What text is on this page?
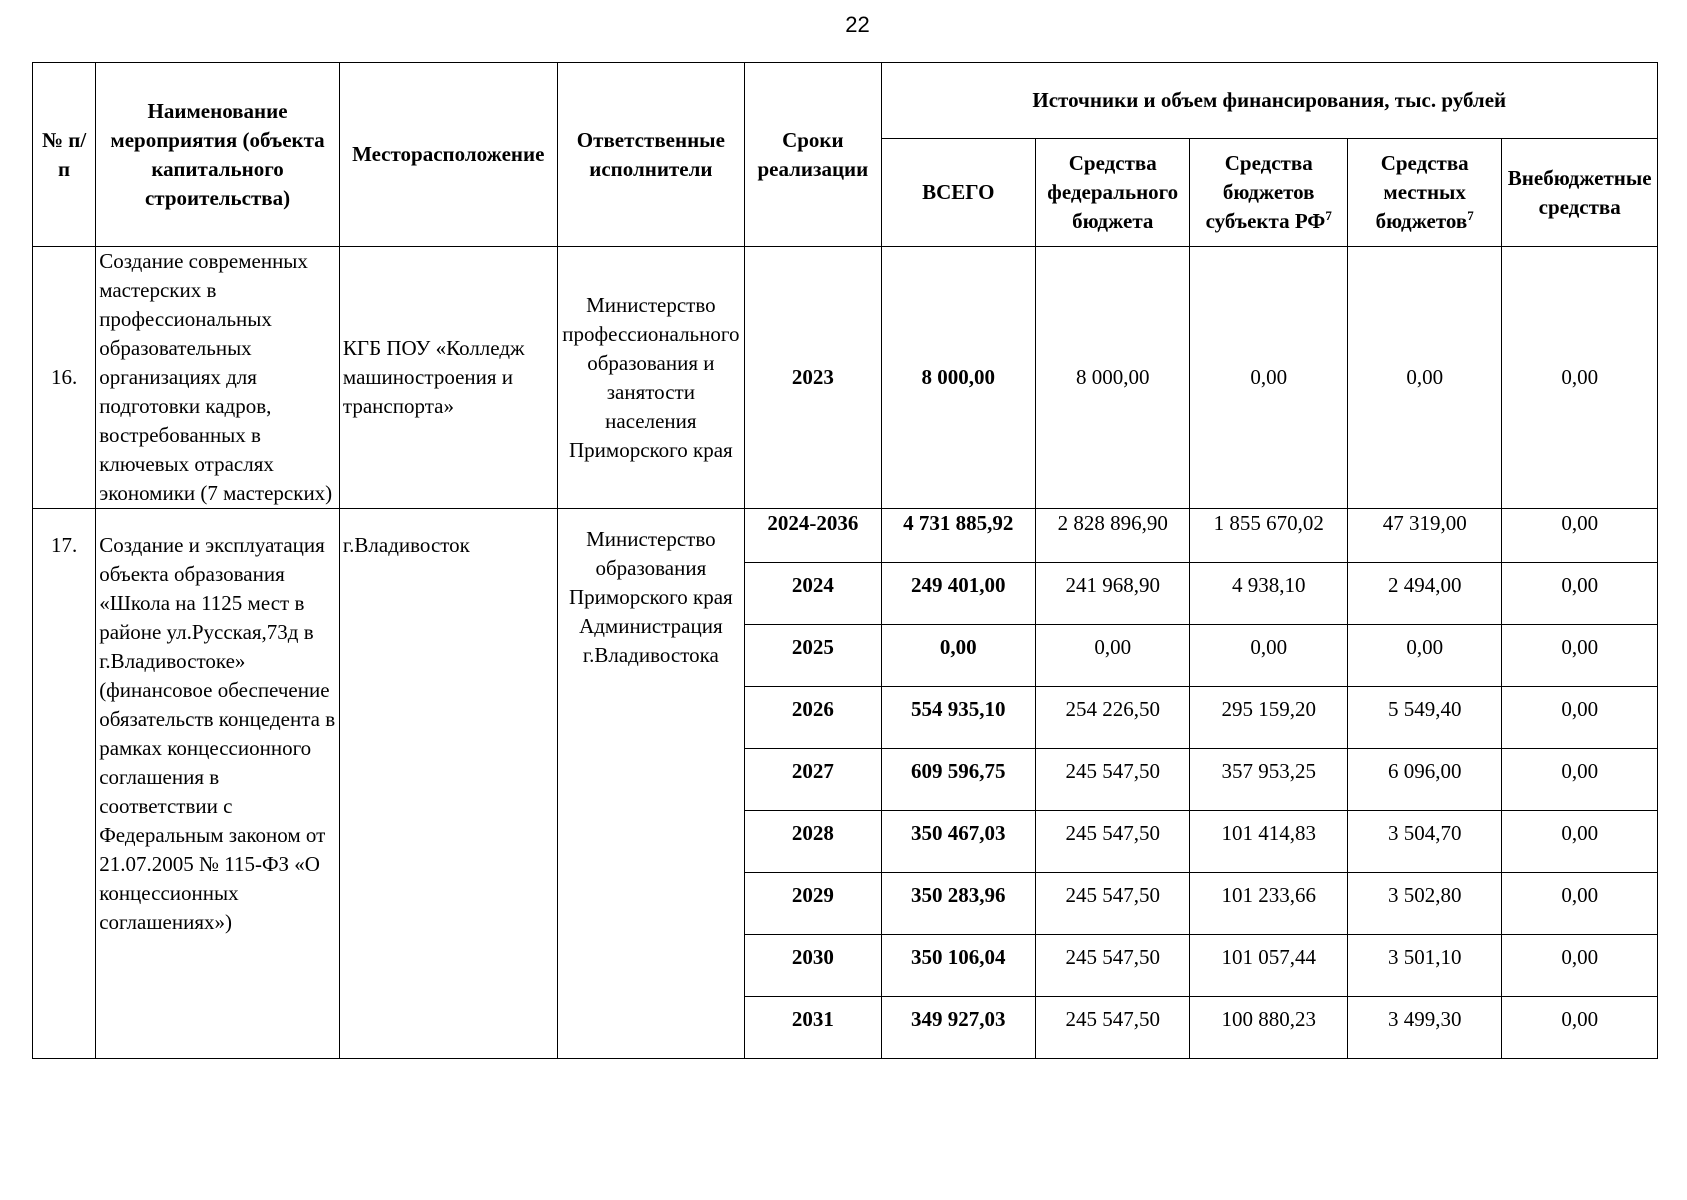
22
№ п/п	Наименование мероприятия (объекта капитального строительства)	Месторасположение	Ответственные исполнители	Сроки реализации	Источники и объем финансирования, тыс. рублей				
					ВСЕГО	Средства федерального бюджета	Средства бюджетов субъекта $РФ^7$	Средства местных бюджетов$^7$	Внебюджетные средства
16.	Создание современных мастерских в профессиональных образовательных организациях для подготовки кадров, востребованных в ключевых отраслях экономики (7 мастерских)	КГБ ПОУ «Колледж машиностроения и транспорта»	Министерство профессионального образования и занятости населения Приморского края	2023	8 000,00	8 000,00	0,00	0,00	0,00
17.	Создание и эксплуатация объекта образования «Школа на 1125 мест в районе ул.Русская,73д в г.Владивостоке» (финансовое обеспечение обязательств концедента в рамках концессионного соглашения в соответствии с Федеральным законом от 21.07.2005 № 115-ФЗ «О концессионных соглашениях»)	г.Владивосток	Министерство образования Приморского края Администрация г.Владивостока	2024-2036	4 731 885,92	2 828 896,90	1 855 670,02	47 319,00	0,00
				2024	249 401,00	241 968,90	4 938,10	2 494,00	0,00
				2025	0,00	0,00	0,00	0,00	0,00
				2026	554 935,10	254 226,50	295 159,20	5 549,40	0,00
				2027	609 596,75	245 547,50	357 953,25	6 096,00	0,00
				2028	350 467,03	245 547,50	101 414,83	3 504,70	0,00
				2029	350 283,96	245 547,50	101 233,66	3 502,80	0,00
				2030	350 106,04	245 547,50	101 057,44	3 501,10	0,00
				2031	349 927,03	245 547,50	100 880,23	3 499,30	0,00
